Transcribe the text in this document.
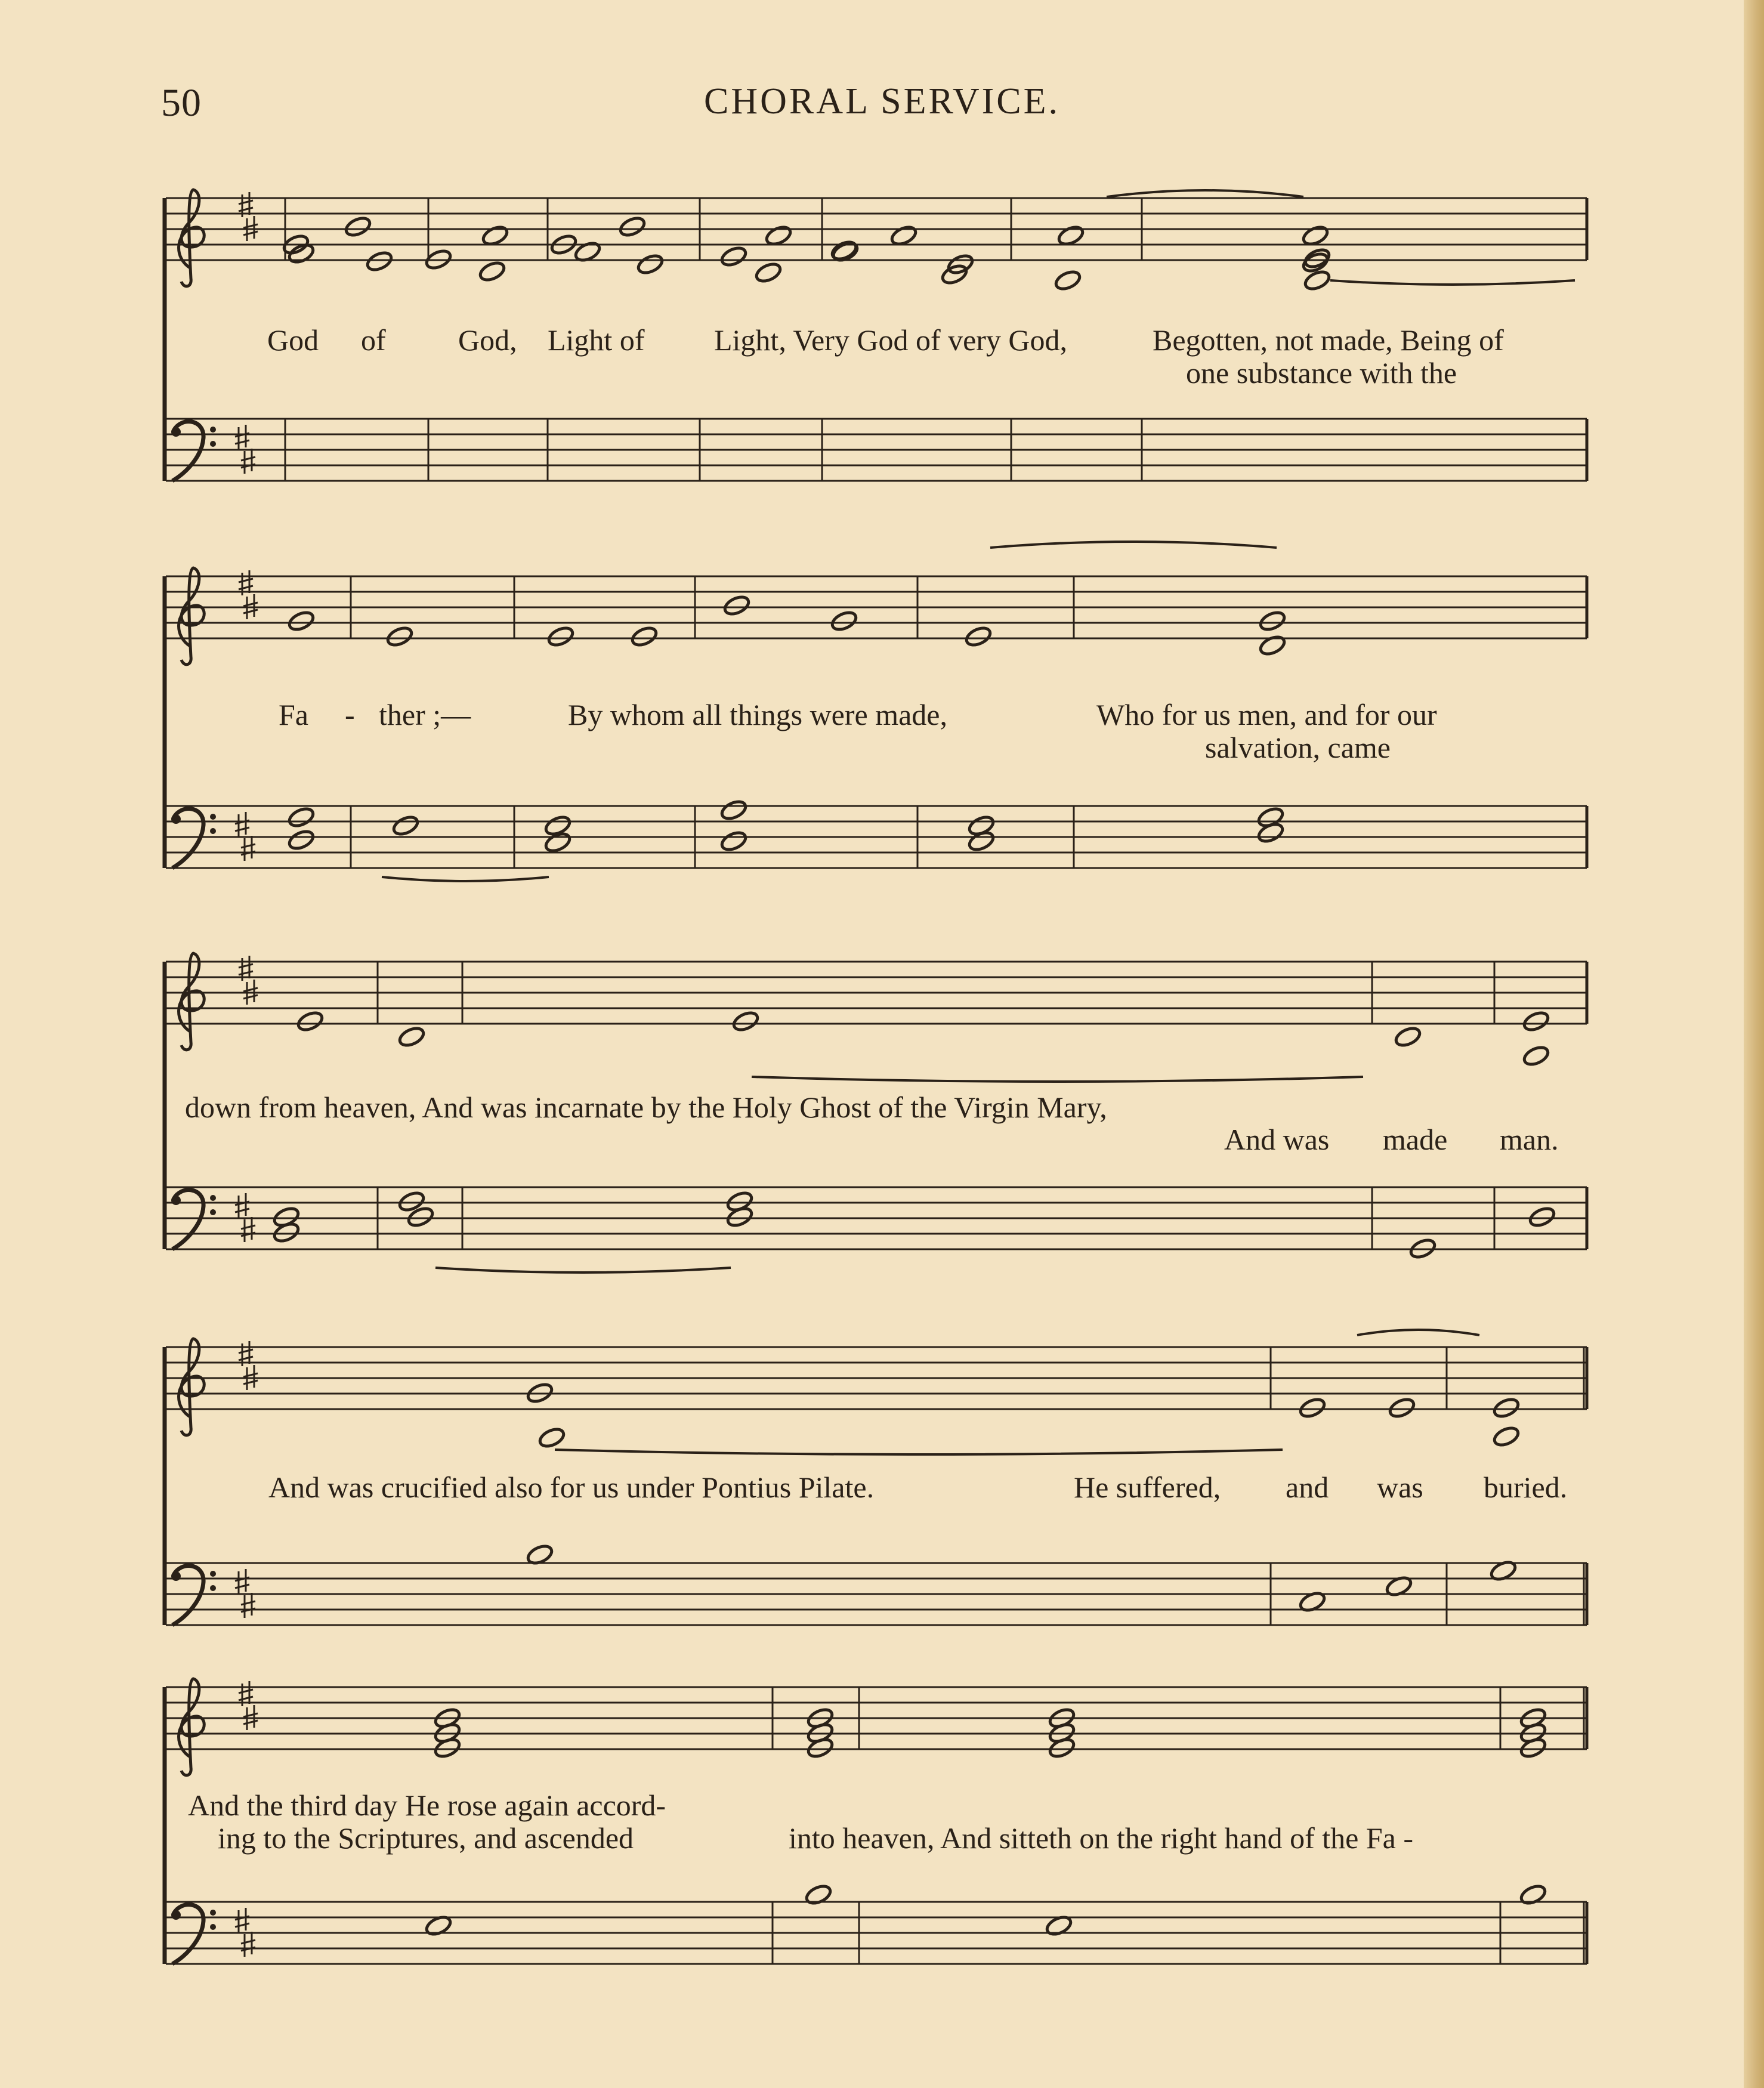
50	CHORAL SERVICE.
God of God, Light of Light, Very God of very God,	Begotten, not made, Being of
one substance with the
Fa - ther ;—	By whom all things were made,	Who for us men, and for our
salvation, came
down from heaven, And was incarnate by the Holy Ghost of the Virgin Mary,
And was made man.
And was crucified also for us under Pontius Pilate.	He suffered, and was buried.
And the third day He rose again accord-
ing to the Scriptures, and ascended	into heaven, And sitteth on the right hand of the Fa -
